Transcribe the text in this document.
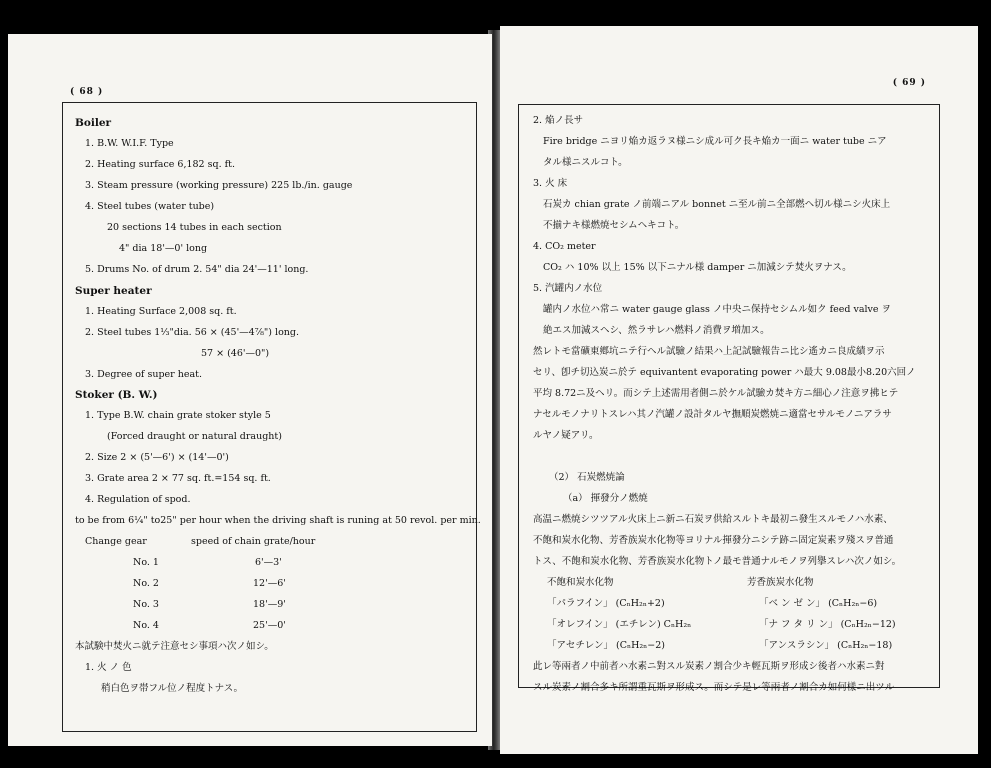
( 68 )
Boiler
1. B.W. W.I.F. Type
2. Heating surface 6,182 sq. ft.
3. Steam pressure (working pressure) 225 lb./in. gauge
4. Steel tubes (water tube)
20 sections 14 tubes in each section
4" dia 18'—0' long
5. Drums No. of drum 2. 54" dia 24'—11' long.
Super heater
1. Heating Surface 2,008 sq. ft.
2. Steel tubes 1⅓"dia. 56 × (45'—4⅞") long.
57 × (46'—0")
3. Degree of super heat.
Stoker (B. W.)
1. Type B.W. chain grate stoker style 5
(Forced draught or natural draught)
2. Size 2 × (5'—6') × (14'—0')
3. Grate area 2 × 77 sq. ft.=154 sq. ft.
4. Regulation of spod.
to be from 6¼" to25" per hour when the driving shaft is runing at 50 revol. per min.
Change gear	speed of chain grate/hour
No. 1	6'—3'
No. 2	12'—6'
No. 3	18'—9'
No. 4	25'—0'
本試験中焚火ニ就テ注意セシ事項ハ次ノ如シ。
1. 火 ノ 色
稍白色ヲ帯フル位ノ程度トナス。
( 69 )
2. 焔ノ長サ
Fire bridge ニヨリ焔カ返ラヌ様ニシ成ル可ク長キ焔カ一面ニ water tube ニア
タル様ニスルコト。
3. 火 床
石炭カ chian grate ノ前端ニアル bonnet ニ至ル前ニ全部燃ヘ切ル様ニシ火床上
不揃ナキ様燃焼セシムヘキコト。
4. CO₂ meter
CO₂ ハ 10% 以上 15% 以下ニナル様 damper ニ加減シテ焚火ヲナス。
5. 汽罐内ノ水位
罐内ノ水位ハ常ニ water gauge glass ノ中央ニ保持セシムル如ク feed valve ヲ
絶エス加減スヘシ、然ラサレハ燃料ノ消費ヲ増加ス。
然レトモ當礦東鄕坑ニテ行ヘル試驗ノ結果ハ上記試驗報告ニ比シ遙カニ良成績ヲ示
セリ、卽チ切込炭ニ於テ equivantent evaporating power ハ最大 9.08最小8.20六回ノ
平均 8.72ニ及ヘリ。而シテ上述需用者側ニ於ケル試驗カ焚キ方ニ細心ノ注意ヲ拂ヒテ
ナセルモノナリトスレハ其ノ汽罐ノ設計タルヤ撫順炭燃焼ニ適當セサルモノニアラサ
ルヤノ疑アリ。
（2） 石炭燃焼論
（a） 揮發分ノ燃焼
高温ニ燃焼シツツアル火床上ニ新ニ石炭ヲ供給スルトキ最初ニ發生スルモノハ水素、
不飽和炭水化物、芳香族炭水化物等ヨリナル揮發分ニシテ跡ニ固定炭素ヲ殘スヲ普通
トス、不飽和炭水化物、芳香族炭水化物トノ最モ普通ナルモノヲ列擧スレハ次ノ如シ。
不飽和炭水化物	芳香族炭水化物
「パラフイン」 (CₙH₂ₙ+2)	「ベ ン ゼ ン」 (CₙH₂ₙ−6)
「オレフイン」 (エチレン) CₙH₂ₙ	「ナ フ タ リ ン」 (CₙH₂ₙ−12)
「アセチレン」 (CₙH₂ₙ−2)	「アンスラシン」 (CₙH₂ₙ−18)
此レ等兩者ノ中前者ハ水素ニ對スル炭素ノ割合少キ輕瓦斯ヲ形成シ後者ハ水素ニ對
スル炭素ノ割合多キ所謂重瓦斯ヲ形成ス。而シテ是レ等兩者ノ割合カ如何樣ニ出ツル
